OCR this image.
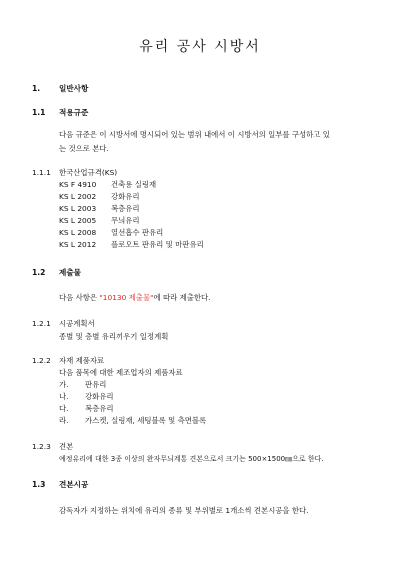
유리 공사 시방서
1. 일반사항
1.1 적용규준
다음 규준은 이 시방서에 명시되어 있는 범위 내에서 이 시방서의 일부를 구성하고 있
는 것으로 본다.
1.1.1 한국산업규격(KS)
KS F 4910 건축용 실링재
KS L 2002 강화유리
KS L 2003 복층유리
KS L 2005 무늬유리
KS L 2008 열선흡수 판유리
KS L 2012 플로오트 판유리 및 마판유리
1.2 제출물
다음 사항은 "10130 제출물"에 따라 제출한다.
1.2.1 시공계획서
종별 및 층별 유리끼우기 일정계획
1.2.2 자재 제품자료
다음 품목에 대한 제조업자의 제품자료
가. 판유리
나. 강화유리
다. 복층유리
라. 가스켓, 실링재, 세팅블록 및 측면블록
1.2.3 견본
예정유리에 대한 3종 이상의 완자무늬계통 견본으로서 크기는 500×1500㎜으로 한다.
1.3 견본시공
감독자가 지정하는 위치에 유리의 종류 및 부위별로 1개소씩 견본시공을 한다.
